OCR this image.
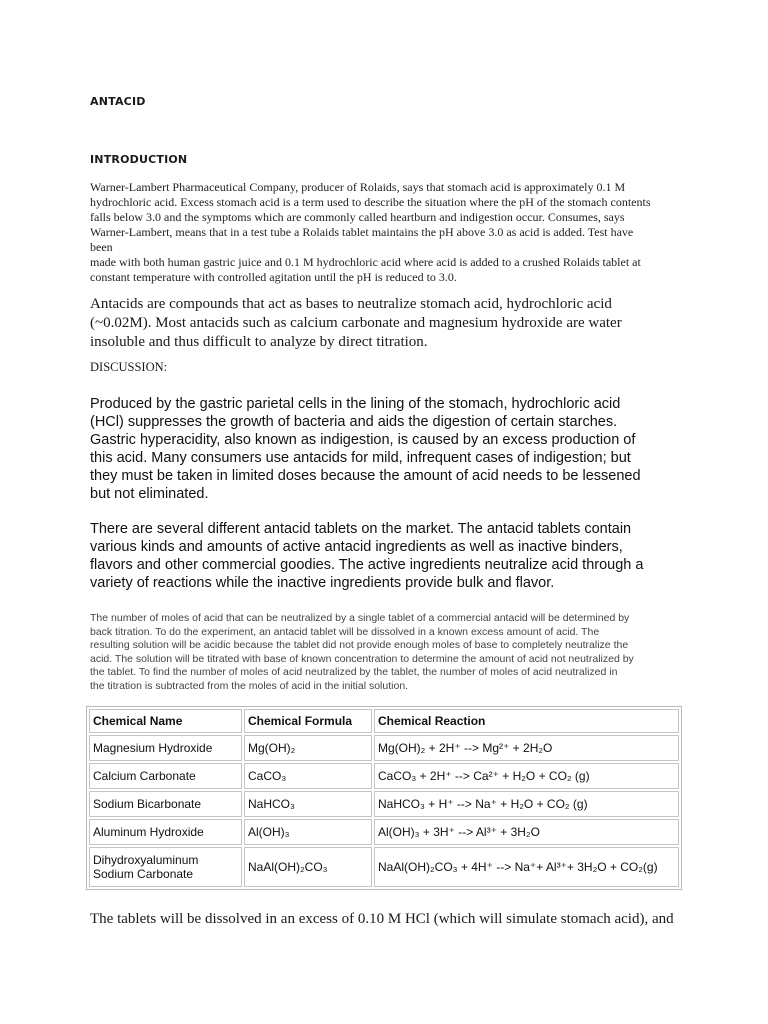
ANTACID
INTRODUCTION
Warner-Lambert Pharmaceutical Company, producer of Rolaids, says that stomach acid is approximately 0.1 M
hydrochloric acid. Excess stomach acid is a term used to describe the situation where the pH of the stomach contents
falls below 3.0 and the symptoms which are commonly called heartburn and indigestion occur. Consumes, says
Warner-Lambert, means that in a test tube a Rolaids tablet maintains the pH above 3.0 as acid is added. Test have
been
made with both human gastric juice and 0.1 M hydrochloric acid where acid is added to a crushed Rolaids tablet at
constant temperature with controlled agitation until the pH is reduced to 3.0.
Antacids are compounds that act as bases to neutralize stomach acid, hydrochloric acid
(~0.02M). Most antacids such as calcium carbonate and magnesium hydroxide are water
insoluble and thus difficult to analyze by direct titration.
DISCUSSION:
Produced by the gastric parietal cells in the lining of the stomach, hydrochloric acid
(HCl) suppresses the growth of bacteria and aids the digestion of certain starches.
Gastric hyperacidity, also known as indigestion, is caused by an excess production of
this acid. Many consumers use antacids for mild, infrequent cases of indigestion; but
they must be taken in limited doses because the amount of acid needs to be lessened
but not eliminated.
There are several different antacid tablets on the market. The antacid tablets contain
various kinds and amounts of active antacid ingredients as well as inactive binders,
flavors and other commercial goodies. The active ingredients neutralize acid through a
variety of reactions while the inactive ingredients provide bulk and flavor.
The number of moles of acid that can be neutralized by a single tablet of a commercial antacid will be determined by
back titration. To do the experiment, an antacid tablet will be dissolved in a known excess amount of acid. The
resulting solution will be acidic because the tablet did not provide enough moles of base to completely neutralize the
acid. The solution will be titrated with base of known concentration to determine the amount of acid not neutralized by
the tablet. To find the number of moles of acid neutralized by the tablet, the number of moles of acid neutralized in
the titration is subtracted from the moles of acid in the initial solution.
Chemical Name	Chemical Formula	Chemical Reaction
Magnesium Hydroxide	Mg(OH)₂	Mg(OH)₂ + 2H⁺ --> Mg²⁺ + 2H₂O
Calcium Carbonate	CaCO₃	CaCO₃ + 2H⁺ --> Ca²⁺ + H₂O + CO₂ (g)
Sodium Bicarbonate	NaHCO₃	NaHCO₃ + H⁺ --> Na⁺ + H₂O + CO₂ (g)
Aluminum Hydroxide	Al(OH)₃	Al(OH)₃ + 3H⁺ --> Al³⁺ + 3H₂O

Dihydroxyaluminum
Sodium Carbonate	NaAl(OH)₂CO₃	NaAl(OH)₂CO₃ + 4H⁺ --> Na⁺+ Al³⁺+ 3H₂O + CO₂(g)
The tablets will be dissolved in an excess of 0.10 M HCl (which will simulate stomach acid), and
